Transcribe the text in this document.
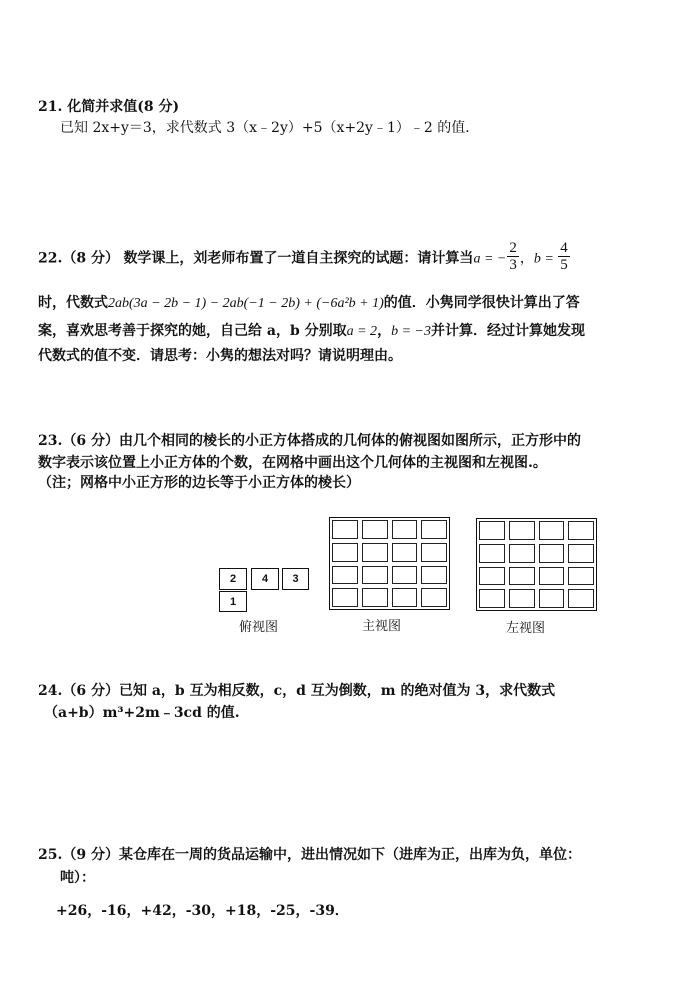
21. 化简并求值(8 分)
已知 2x+y＝3，求代数式 3（x﹣2y）+5（x+2y﹣1）﹣2 的值．
22.（8 分） 数学课上，刘老师布置了一道自主探究的试题：请计算当a = − $\frac{2}{3}$ ，$b = \frac{4}{5}$
时，代数式2ab(3a − 2b − 1) − 2ab(−1 − 2b) + (−6a²b + 1)的值．小隽同学很快计算出了答
案，喜欢思考善于探究的她，自己给 a，b 分别取a = 2，b = −3并计算．经过计算她发现
代数式的值不变．请思考：小隽的想法对吗？请说明理由。
23.（6 分）由几个相同的棱长的小正方体搭成的几何体的俯视图如图所示，正方形中的
数字表示该位置上小正方体的个数，在网格中画出这个几何体的主视图和左视图.。
（注；网格中小正方形的边长等于小正方体的棱长）
2	4	3
1
俯视图	主视图	左视图
24.（6 分）已知 a，b 互为相反数，c，d 互为倒数，m 的绝对值为 3，求代数式
（a+b）m³+2m﹣3cd 的值.
25.（9 分）某仓库在一周的货品运输中，进出情况如下（进库为正，出库为负，单位：
吨）：
+26，-16，+42，-30，+18，-25，-39．
